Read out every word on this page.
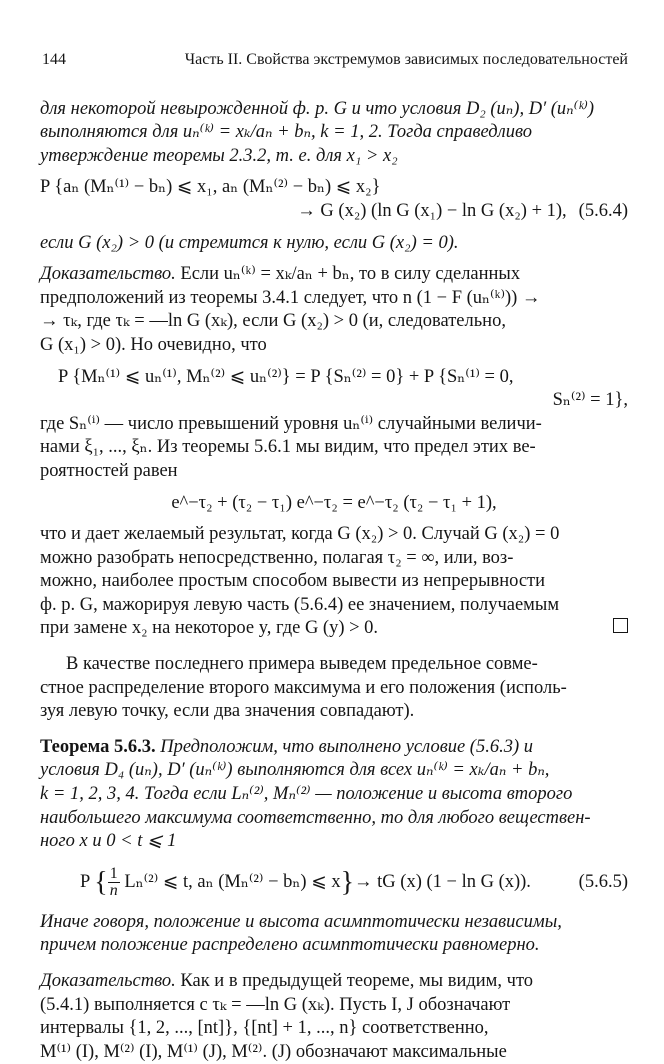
144	Часть II. Свойства экстремумов зависимых последовательностей

для некоторой невырожденной ф. р. G и что условия D₂ (uₙ), D′ (uₙ⁽ᵏ⁾)

выполняются для uₙ⁽ᵏ⁾ = xₖ/aₙ + bₙ, k = 1, 2. Тогда справедливо

утверждение теоремы 2.3.2, т. е. для x₁ > x₂

P {aₙ (Mₙ⁽¹⁾ − bₙ) ⩽ x₁, aₙ (Mₙ⁽²⁾ − bₙ) ⩽ x₂}

→ G (x₂) (ln G (x₁) − ln G (x₂) + 1), (5.6.4)

если G (x₂) > 0 (и стремится к нулю, если G (x₂) = 0).

Доказательство. Если uₙ⁽ᵏ⁾ = xₖ/aₙ + bₙ, то в силу сделанных

предположений из теоремы 3.4.1 следует, что n (1 − F (uₙ⁽ᵏ⁾)) →

→ τₖ, где τₖ = —ln G (xₖ), если G (x₂) > 0 (и, следовательно,

G (x₁) > 0). Но очевидно, что

P {Mₙ⁽¹⁾ ⩽ uₙ⁽¹⁾, Mₙ⁽²⁾ ⩽ uₙ⁽²⁾} = P {Sₙ⁽²⁾ = 0} + P {Sₙ⁽¹⁾ = 0,

Sₙ⁽²⁾ = 1},

где Sₙ⁽ⁱ⁾ — число превышений уровня uₙ⁽ⁱ⁾ случайными величи-

нами ξ₁, ..., ξₙ. Из теоремы 5.6.1 мы видим, что предел этих ве-

роятностей равен

e^−τ₂ + (τ₂ − τ₁) e^−τ₂ = e^−τ₂ (τ₂ − τ₁ + 1),

что и дает желаемый результат, когда G (x₂) > 0. Случай G (x₂) = 0

можно разобрать непосредственно, полагая τ₂ = ∞, или, воз-

можно, наиболее простым способом вывести из непрерывности

ф. р. G, мажорируя левую часть (5.6.4) ее значением, получаемым

при замене x₂ на некоторое y, где G (y) > 0.

В качестве последнего примера выведем предельное совме-

стное распределение второго максимума и его положения (исполь-

зуя левую точку, если два значения совпадают).

Теорема 5.6.3. Предположим, что выполнено условие (5.6.3) и

условия D₄ (uₙ), D′ (uₙ⁽ᵏ⁾) выполняются для всех uₙ⁽ᵏ⁾ = xₖ/aₙ + bₙ,

k = 1, 2, 3, 4. Тогда если Lₙ⁽²⁾, Mₙ⁽²⁾ — положение и высота второго

наибольшего максимума соответственно, то для любого веществен-

ного x и 0 < t ⩽ 1

P { $\frac{1}{n} L_n^{(2)}$ ⩽ t, aₙ (Mₙ⁽²⁾ − bₙ) ⩽ x}→ tG (x) (1 − ln G (x)).	(5.6.5)

Иначе говоря, положение и высота асимптотически независимы,

причем положение распределено асимптотически равномерно.

Доказательство. Как и в предыдущей теореме, мы видим, что

(5.4.1) выполняется с τₖ = —ln G (xₖ). Пусть I, J обозначают

интервалы {1, 2, ..., [nt]}, {[nt] + 1, ..., n} соответственно,

M⁽¹⁾ (I), M⁽²⁾ (I), M⁽¹⁾ (J), M⁽²⁾. (J) обозначают максимальные
